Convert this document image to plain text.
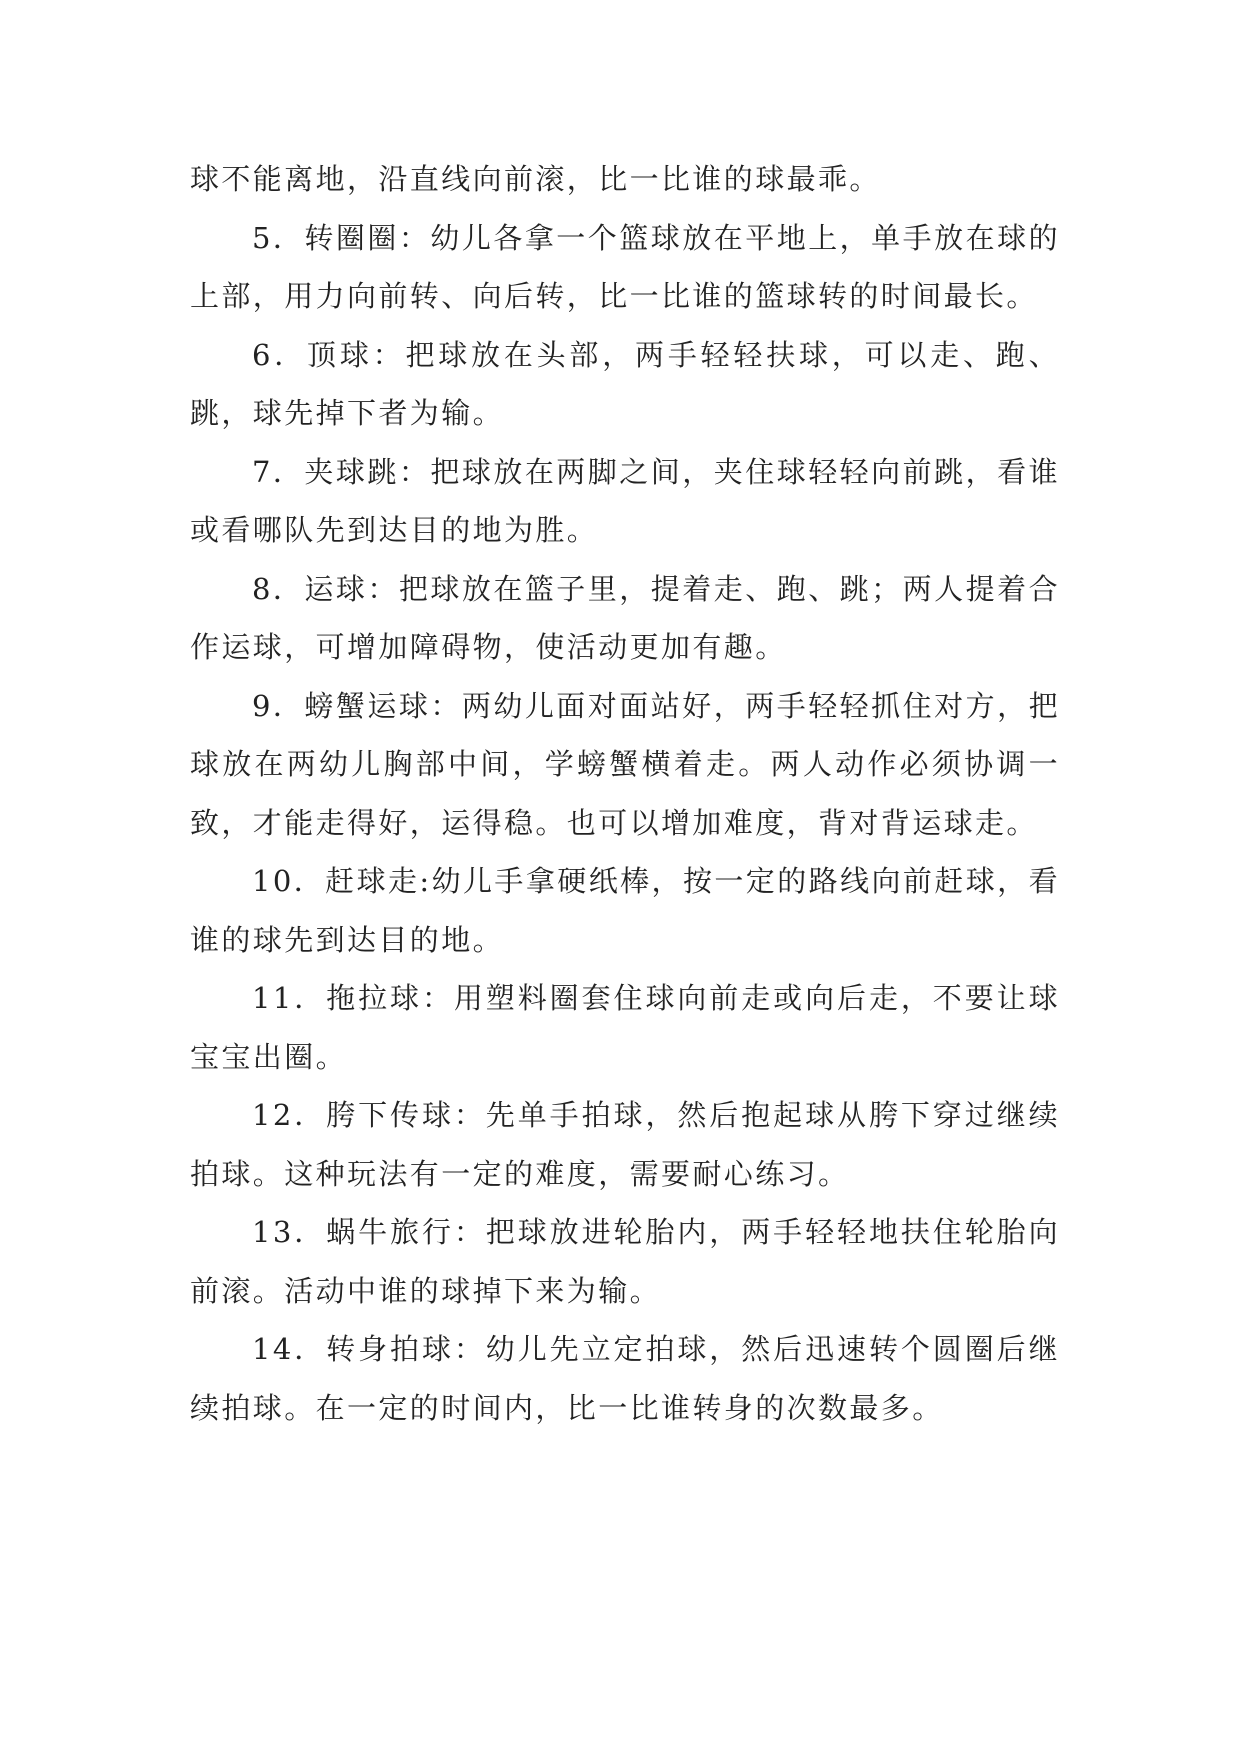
球不能离地，沿直线向前滚，比一比谁的球最乖。

5．转圈圈：幼儿各拿一个篮球放在平地上，单手放在球的上部，用力向前转、向后转，比一比谁的篮球转的时间最长。

6．顶球：把球放在头部，两手轻轻扶球，可以走、跑、跳，球先掉下者为输。

7．夹球跳：把球放在两脚之间，夹住球轻轻向前跳，看谁或看哪队先到达目的地为胜。

8．运球：把球放在篮子里，提着走、跑、跳；两人提着合作运球，可增加障碍物，使活动更加有趣。

9．螃蟹运球：两幼儿面对面站好，两手轻轻抓住对方，把球放在两幼儿胸部中间，学螃蟹横着走。两人动作必须协调一致，才能走得好，运得稳。也可以增加难度，背对背运球走。

10．赶球走:幼儿手拿硬纸棒，按一定的路线向前赶球，看谁的球先到达目的地。

11．拖拉球：用塑料圈套住球向前走或向后走，不要让球宝宝出圈。

12．胯下传球：先单手拍球，然后抱起球从胯下穿过继续拍球。这种玩法有一定的难度，需要耐心练习。

13．蜗牛旅行：把球放进轮胎内，两手轻轻地扶住轮胎向前滚。活动中谁的球掉下来为输。

14．转身拍球：幼儿先立定拍球，然后迅速转个圆圈后继续拍球。在一定的时间内，比一比谁转身的次数最多。
